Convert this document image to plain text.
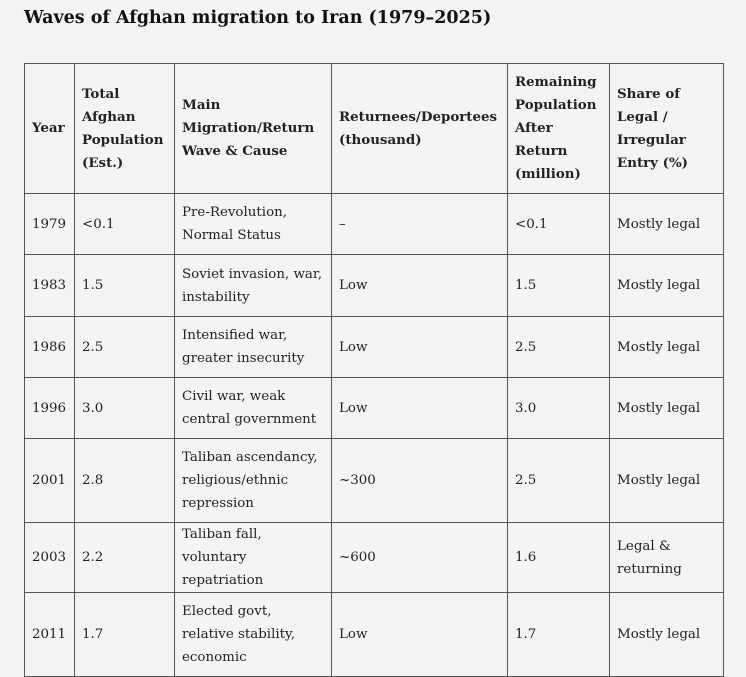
Waves of Afghan migration to Iran (1979–2025)
Year	Total Afghan Population (Est.)	Main Migration/Return Wave & Cause	Returnees/Deportees (thousand)	Remaining Population After Return (million)	Share of Legal / Irregular Entry (%)
1979	<0.1	Pre-Revolution, Normal Status	–	<0.1	Mostly legal
1983	1.5	Soviet invasion, war, instability	Low	1.5	Mostly legal
1986	2.5	Intensified war, greater insecurity	Low	2.5	Mostly legal
1996	3.0	Civil war, weak central government	Low	3.0	Mostly legal
2001	2.8	Taliban ascendancy, religious/ethnic repression	~300	2.5	Mostly legal
2003	2.2	Taliban fall, voluntary repatriation	~600	1.6	Legal & returning
2011	1.7	Elected govt, relative stability, economic	Low	1.7	Mostly legal
